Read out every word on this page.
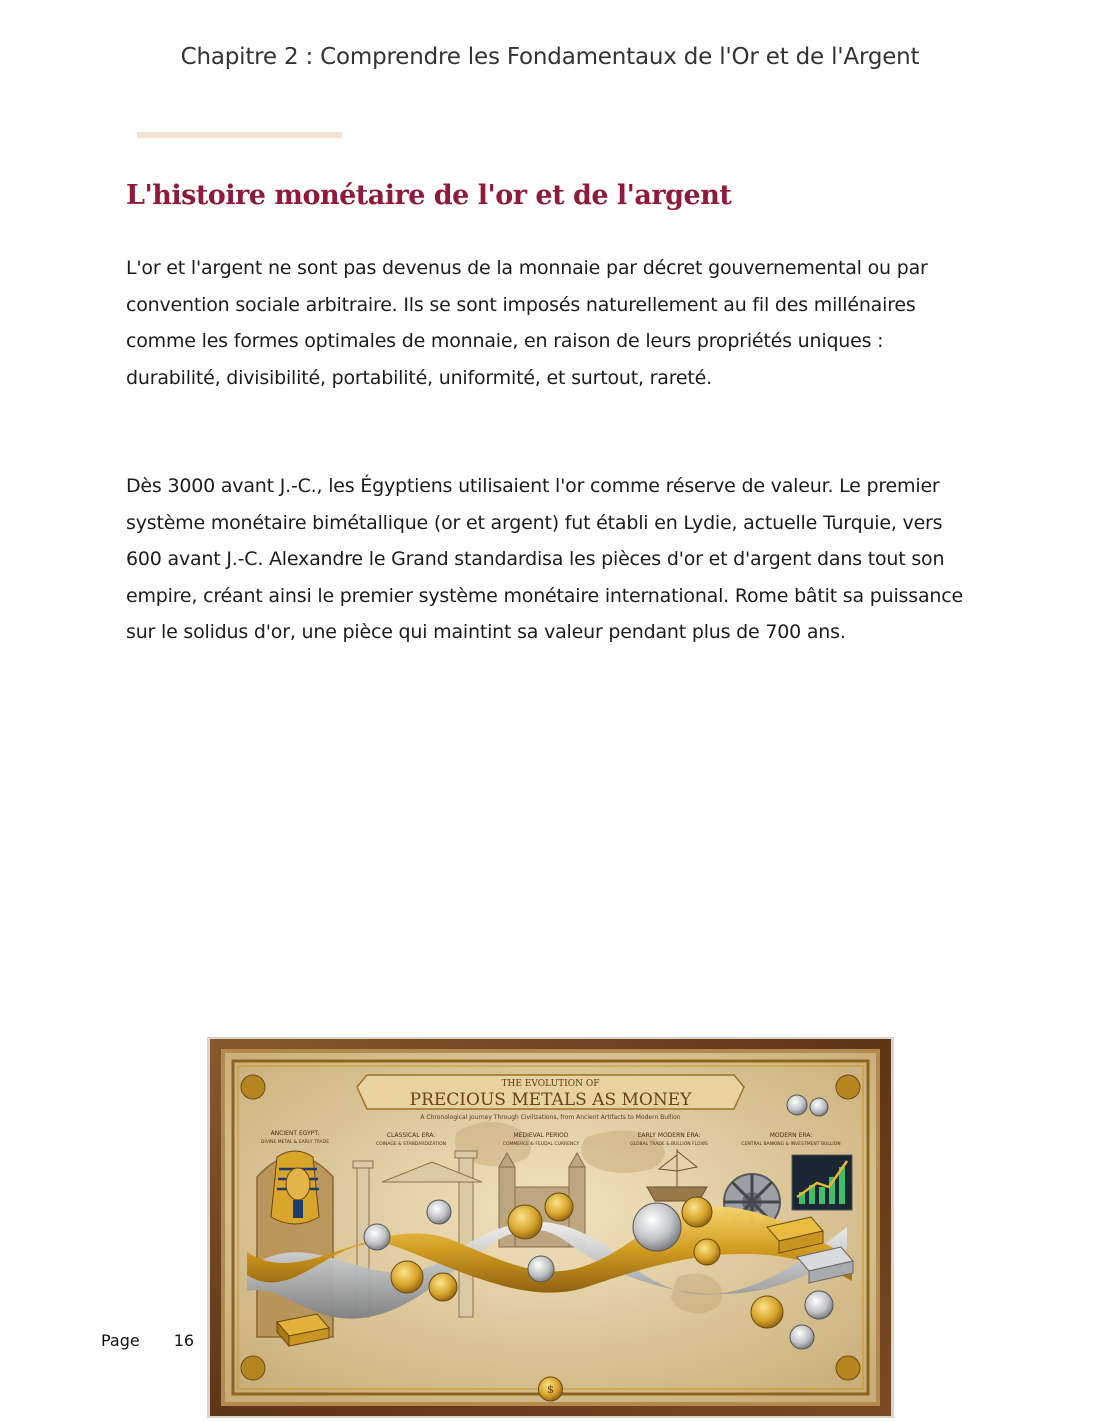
Chapitre 2 : Comprendre les Fondamentaux de l'Or et de l'Argent
L'histoire monétaire de l'or et de l'argent

L'or et l'argent ne sont pas devenus de la monnaie par décret gouvernemental ou par convention sociale arbitraire. Ils se sont imposés naturellement au fil des millénaires comme les formes optimales de monnaie, en raison de leurs propriétés uniques : durabilité, divisibilité, portabilité, uniformité, et surtout, rareté.

Dès 3000 avant J.-C., les Égyptiens utilisaient l'or comme réserve de valeur. Le premier système monétaire bimétallique (or et argent) fut établi en Lydie, actuelle Turquie, vers 600 avant J.-C. Alexandre le Grand standardisa les pièces d'or et d'argent dans tout son empire, créant ainsi le premier système monétaire international. Rome bâtit sa puissance sur le solidus d'or, une pièce qui maintint sa valeur pendant plus de 700 ans.

THE EVOLUTION OF
PRECIOUS METALS AS MONEY
A Chronological Journey Through Civilizations, from Ancient Artifacts to Modern Bullion
ANCIENT EGYPT:
DIVINE METAL & EARLY TRADE
CLASSICAL ERA:
COINAGE & STANDARDIZATION
MEDIEVAL PERIOD
COMMERCE & FEUDAL CURRENCY
EARLY MODERN ERA:
GLOBAL TRADE & BULLION FLOWS
MODERN ERA:
CENTRAL BANKING & INVESTMENT BULLION
$
Page 16
